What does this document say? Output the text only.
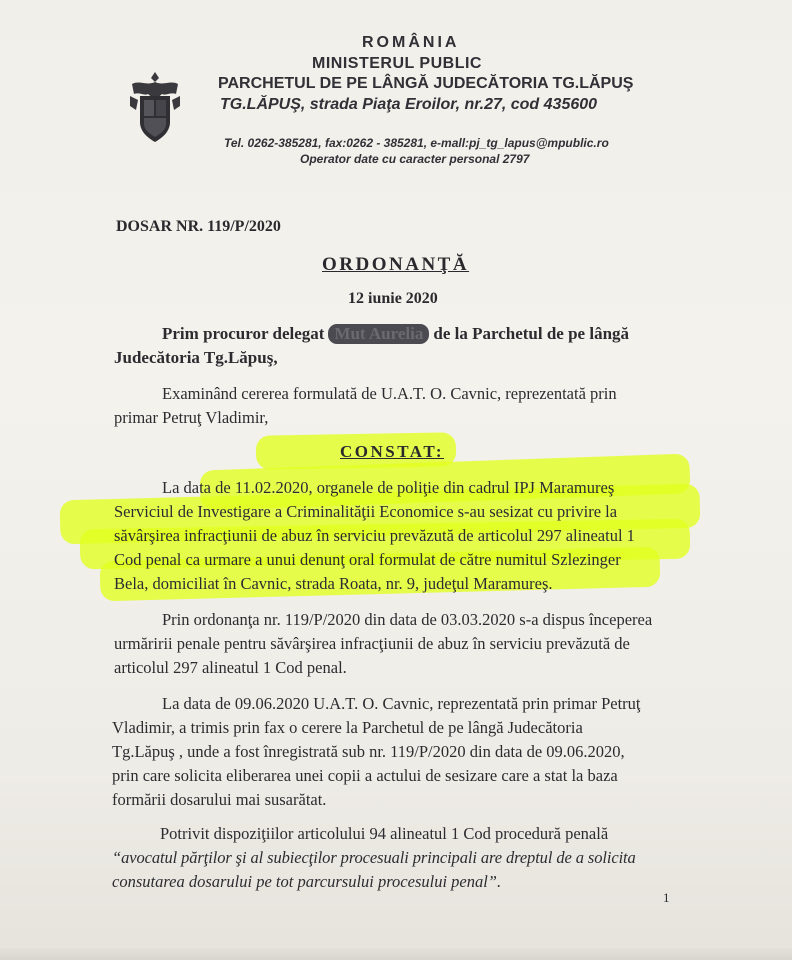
ROMÂNIA
MINISTERUL PUBLIC
PARCHETUL DE PE LÂNGĂ JUDECĂTORIA TG.LĂPUŞ
TG.LĂPUŞ, strada Piaţa Eroilor, nr.27, cod 435600
Tel. 0262-385281, fax:0262 - 385281, e-mall:pj_tg_lapus@mpublic.ro
Operator date cu caracter personal 2797
DOSAR NR. 119/P/2020
ORDONANŢĂ
12 iunie 2020
Prim procuror delegat Mut Aurelia de la Parchetul de pe lângă
Judecătoria Tg.Lăpuş,
Examinând cererea formulată de U.A.T. O. Cavnic, reprezentată prin
primar Petruţ Vladimir,
CONSTAT:
La data de 11.02.2020, organele de poliţie din cadrul IPJ Maramureş
Serviciul de Investigare a Criminalităţii Economice s-au sesizat cu privire la
săvârşirea infracţiunii de abuz în serviciu prevăzută de articolul 297 alineatul 1
Cod penal ca urmare a unui denunţ oral formulat de către numitul Szlezinger
Bela, domiciliat în Cavnic, strada Roata, nr. 9, judeţul Maramureş.
Prin ordonanţa nr. 119/P/2020 din data de 03.03.2020 s-a dispus începerea
urmăririi penale pentru săvârşirea infracţiunii de abuz în serviciu prevăzută de
articolul 297 alineatul 1 Cod penal.
La data de 09.06.2020 U.A.T. O. Cavnic, reprezentată prin primar Petruţ
Vladimir, a trimis prin fax o cerere la Parchetul de pe lângă Judecătoria
Tg.Lăpuş , unde a fost înregistrată sub nr. 119/P/2020 din data de 09.06.2020,
prin care solicita eliberarea unei copii a actului de sesizare care a stat la baza
formării dosarului mai susarătat.
Potrivit dispoziţiilor articolului 94 alineatul 1 Cod procedură penală
“avocatul părţilor şi al subiecţilor procesuali principali are dreptul de a solicita
consutarea dosarului pe tot parcursului procesului penal”.
1
